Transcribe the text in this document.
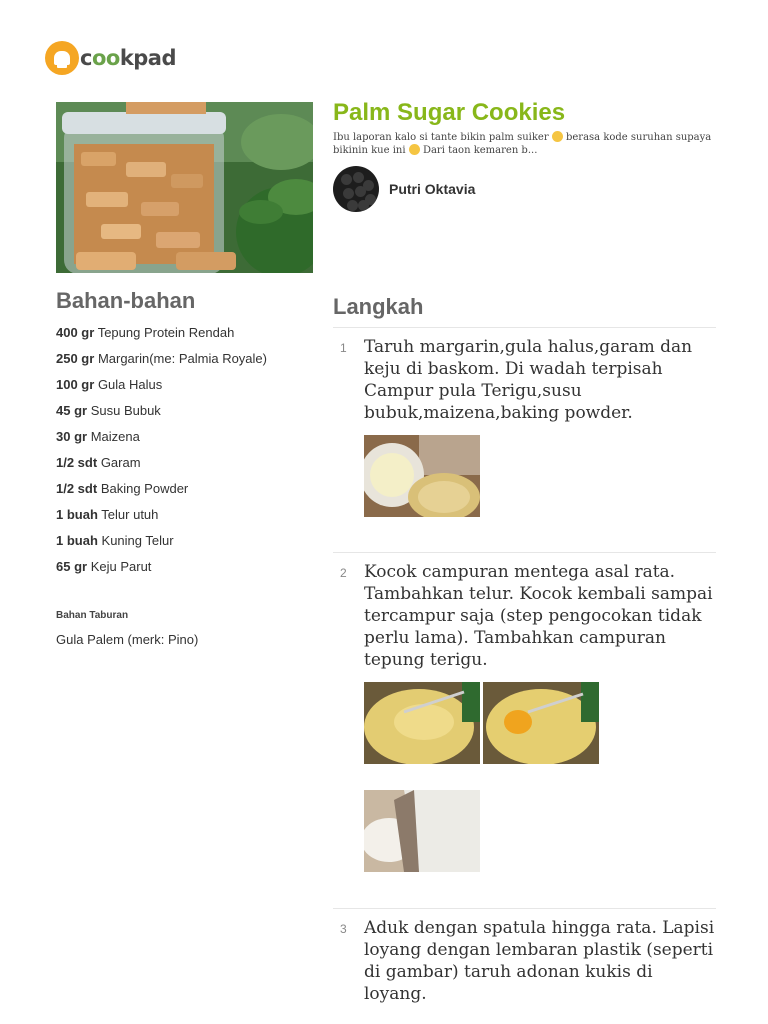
cookpad
Palm Sugar Cookies

Ibu laporan kalo si tante bikin palm suiker berasa kode suruhan supaya bikinin kue ini Dari taon kemaren b...

Putri Oktavia
Bahan-bahan
400 gr Tepung Protein Rendah
250 gr Margarin(me: Palmia Royale)
100 gr Gula Halus
45 gr Susu Bubuk
30 gr Maizena
1/2 sdt Garam
1/2 sdt Baking Powder
1 buah Telur utuh
1 buah Kuning Telur
65 gr Keju Parut
Bahan Taburan
Gula Palem (merk: Pino)
Langkah
1 Taruh margarin,gula halus,garam dan keju di baskom. Di wadah terpisah Campur pula Terigu,susu bubuk,maizena,baking powder.

2 Kocok campuran mentega asal rata. Tambahkan telur. Kocok kembali sampai tercampur saja (step pengocokan tidak perlu lama). Tambahkan campuran tepung terigu.

3 Aduk dengan spatula hingga rata. Lapisi loyang dengan lembaran plastik (seperti di gambar) taruh adonan kukis di loyang.
